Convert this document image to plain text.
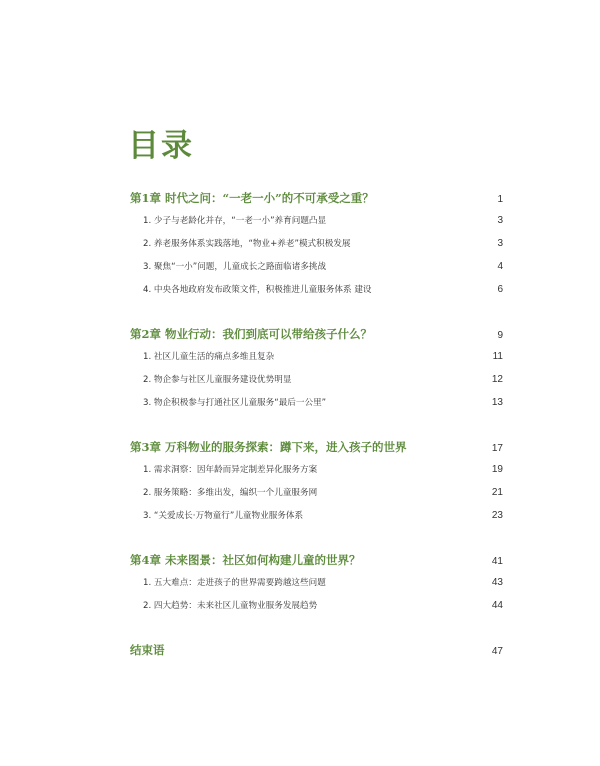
目录
第1章 时代之问：“一老一小”的不可承受之重？	1
1. 少子与老龄化并存，“一老一小”养育问题凸显	3
2. 养老服务体系实践落地，“物业+养老”模式积极发展	3
3. 聚焦“一小”问题，儿童成长之路面临诸多挑战	4
4. 中央各地政府发布政策文件，积极推进儿童服务体系 建设	6
第2章 物业行动：我们到底可以带给孩子什么？	9
1. 社区儿童生活的痛点多维且复杂	11
2. 物企参与社区儿童服务建设优势明显	12
3. 物企积极参与打通社区儿童服务“最后一公里”	13
第3章 万科物业的服务探索：蹲下来，进入孩子的世界	17
1. 需求洞察：因年龄而异定制差异化服务方案	19
2. 服务策略：多维出发，编织一个儿童服务网	21
3. “关爱成长·万物童行”儿童物业服务体系	23
第4章 未来图景：社区如何构建儿童的世界？	41
1. 五大难点：走进孩子的世界需要跨越这些问题	43
2. 四大趋势：未来社区儿童物业服务发展趋势	44
结束语	47
